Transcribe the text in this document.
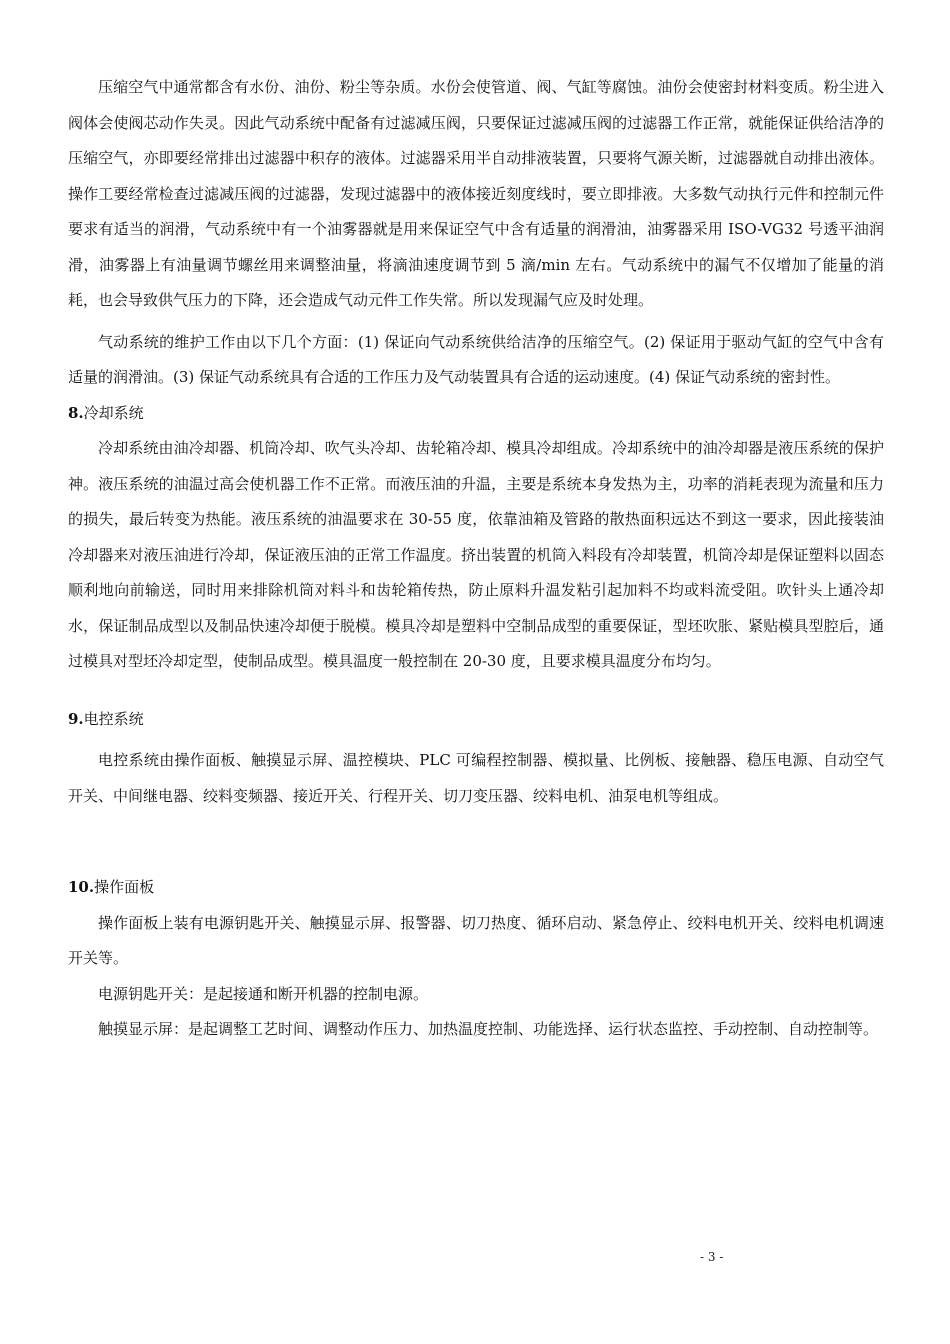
压缩空气中通常都含有水份、油份、粉尘等杂质。水份会使管道、阀、气缸等腐蚀。油份会使密封材料变质。粉尘进入阀体会使阀芯动作失灵。因此气动系统中配备有过滤减压阀，只要保证过滤减压阀的过滤器工作正常，就能保证供给洁净的压缩空气，亦即要经常排出过滤器中积存的液体。过滤器采用半自动排液装置，只要将气源关断，过滤器就自动排出液体。操作工要经常检查过滤减压阀的过滤器，发现过滤器中的液体接近刻度线时，要立即排液。大多数气动执行元件和控制元件要求有适当的润滑，气动系统中有一个油雾器就是用来保证空气中含有适量的润滑油，油雾器采用 ISO-VG32 号透平油润滑，油雾器上有油量调节螺丝用来调整油量，将滴油速度调节到 5 滴/min 左右。气动系统中的漏气不仅增加了能量的消耗，也会导致供气压力的下降，还会造成气动元件工作失常。所以发现漏气应及时处理。

气动系统的维护工作由以下几个方面：(1) 保证向气动系统供给洁净的压缩空气。(2) 保证用于驱动气缸的空气中含有适量的润滑油。(3) 保证气动系统具有合适的工作压力及气动装置具有合适的运动速度。(4) 保证气动系统的密封性。

8.冷却系统

冷却系统由油冷却器、机筒冷却、吹气头冷却、齿轮箱冷却、模具冷却组成。冷却系统中的油冷却器是液压系统的保护神。液压系统的油温过高会使机器工作不正常。而液压油的升温，主要是系统本身发热为主，功率的消耗表现为流量和压力的损失，最后转变为热能。液压系统的油温要求在 30-55 度，依靠油箱及管路的散热面积远达不到这一要求，因此接装油冷却器来对液压油进行冷却，保证液压油的正常工作温度。挤出装置的机筒入料段有冷却装置，机筒冷却是保证塑料以固态顺利地向前输送，同时用来排除机筒对料斗和齿轮箱传热，防止原料升温发粘引起加料不均或料流受阻。吹针头上通冷却水，保证制品成型以及制品快速冷却便于脱模。模具冷却是塑料中空制品成型的重要保证，型坯吹胀、紧贴模具型腔后，通过模具对型坯冷却定型，使制品成型。模具温度一般控制在 20-30 度，且要求模具温度分布均匀。

9.电控系统

电控系统由操作面板、触摸显示屏、温控模块、PLC 可编程控制器、模拟量、比例板、接触器、稳压电源、自动空气开关、中间继电器、绞料变频器、接近开关、行程开关、切刀变压器、绞料电机、油泵电机等组成。

10.操作面板

操作面板上装有电源钥匙开关、触摸显示屏、报警器、切刀热度、循环启动、紧急停止、绞料电机开关、绞料电机调速开关等。

电源钥匙开关：是起接通和断开机器的控制电源。

触摸显示屏：是起调整工艺时间、调整动作压力、加热温度控制、功能选择、运行状态监控、手动控制、自动控制等。

- 3 -
